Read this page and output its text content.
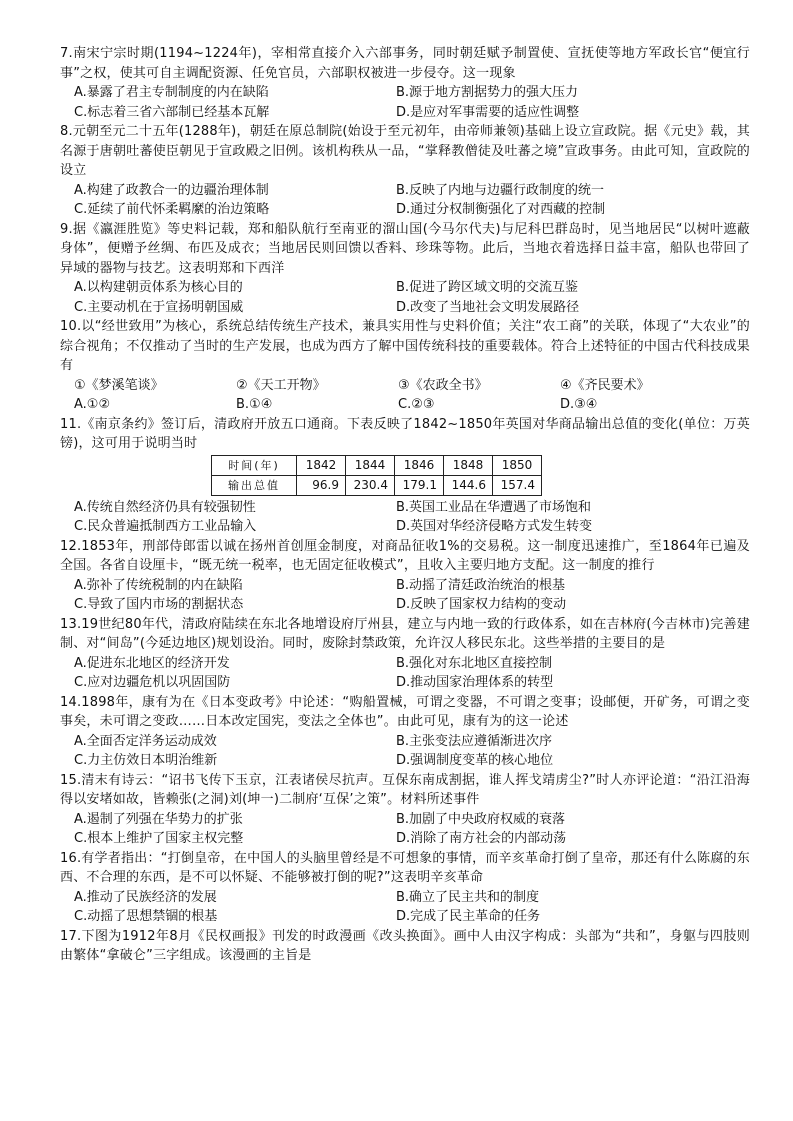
7.南宋宁宗时期(1194~1224年)，宰相常直接介入六部事务，同时朝廷赋予制置使、宣抚使等地方军政长官“便宜行事”之权，使其可自主调配资源、任免官员，六部职权被进一步侵夺。这一现象
A.暴露了君主专制制度的内在缺陷	B.源于地方割据势力的强大压力
C.标志着三省六部制已经基本瓦解	D.是应对军事需要的适应性调整
8.元朝至元二十五年(1288年)，朝廷在原总制院(始设于至元初年，由帝师兼领)基础上设立宣政院。据《元史》载，其名源于唐朝吐蕃使臣朝见于宣政殿之旧例。该机构秩从一品，“掌释教僧徒及吐蕃之境”宣政事务。由此可知，宣政院的设立
A.构建了政教合一的边疆治理体制	B.反映了内地与边疆行政制度的统一
C.延续了前代怀柔羁縻的治边策略	D.通过分权制衡强化了对西藏的控制
9.据《瀛涯胜览》等史料记载，郑和船队航行至南亚的溜山国(今马尔代夫)与尼科巴群岛时，见当地居民“以树叶遮蔽身体”，便赠予丝绸、布匹及成衣；当地居民则回馈以香料、珍珠等物。此后，当地衣着选择日益丰富，船队也带回了异域的器物与技艺。这表明郑和下西洋
A.以构建朝贡体系为核心目的	B.促进了跨区域文明的交流互鉴
C.主要动机在于宣扬明朝国威	D.改变了当地社会文明发展路径
10.以“经世致用”为核心，系统总结传统生产技术，兼具实用性与史料价值；关注“农工商”的关联，体现了“大农业”的综合视角；不仅推动了当时的生产发展，也成为西方了解中国传统科技的重要载体。符合上述特征的中国古代科技成果有
①《梦溪笔谈》	②《天工开物》	③《农政全书》	④《齐民要术》
A.①②	B.①④	C.②③	D.③④
11.《南京条约》签订后，清政府开放五口通商。下表反映了1842~1850年英国对华商品输出总值的变化(单位：万英镑)，这可用于说明当时
时间(年)	1842	1844	1846	1848	1850
输出总值	96.9	230.4	179.1	144.6	157.4
A.传统自然经济仍具有较强韧性	B.英国工业品在华遭遇了市场饱和
C.民众普遍抵制西方工业品输入	D.英国对华经济侵略方式发生转变
12.1853年，刑部侍郎雷以诚在扬州首创厘金制度，对商品征收1%的交易税。这一制度迅速推广，至1864年已遍及全国。各省自设厘卡，“既无统一税率，也无固定征收模式”，且收入主要归地方支配。这一制度的推行
A.弥补了传统税制的内在缺陷	B.动摇了清廷政治统治的根基
C.导致了国内市场的割据状态	D.反映了国家权力结构的变动
13.19世纪80年代，清政府陆续在东北各地增设府厅州县，建立与内地一致的行政体系，如在吉林府(今吉林市)完善建制、对“间岛”(今延边地区)规划设治。同时，废除封禁政策，允许汉人移民东北。这些举措的主要目的是
A.促进东北地区的经济开发	B.强化对东北地区直接控制
C.应对边疆危机以巩固国防	D.推动国家治理体系的转型
14.1898年，康有为在《日本变政考》中论述：“购船置械，可谓之变器，不可谓之变事；设邮便，开矿务，可谓之变事矣，未可谓之变政……日本改定国宪，变法之全体也”。由此可见，康有为的这一论述
A.全面否定洋务运动成效	B.主张变法应遵循渐进次序
C.力主仿效日本明治维新	D.强调制度变革的核心地位
15.清末有诗云：“诏书飞传下玉京，江表诸侯尽抗声。互保东南成割据，谁人挥戈靖虏尘?”时人亦评论道：“沿江沿海得以安堵如故，皆赖张(之洞)刘(坤一)二制府‘互保’之策”。材料所述事件
A.遏制了列强在华势力的扩张	B.加剧了中央政府权威的衰落
C.根本上维护了国家主权完整	D.消除了南方社会的内部动荡
16.有学者指出：“打倒皇帝，在中国人的头脑里曾经是不可想象的事情，而辛亥革命打倒了皇帝，那还有什么陈腐的东西、不合理的东西，是不可以怀疑、不能够被打倒的呢?”这表明辛亥革命
A.推动了民族经济的发展	B.确立了民主共和的制度
C.动摇了思想禁锢的根基	D.完成了民主革命的任务
17.下图为1912年8月《民权画报》刊发的时政漫画《改头换面》。画中人由汉字构成：头部为“共和”，身躯与四肢则由繁体“拿破仑”三字组成。该漫画的主旨是
